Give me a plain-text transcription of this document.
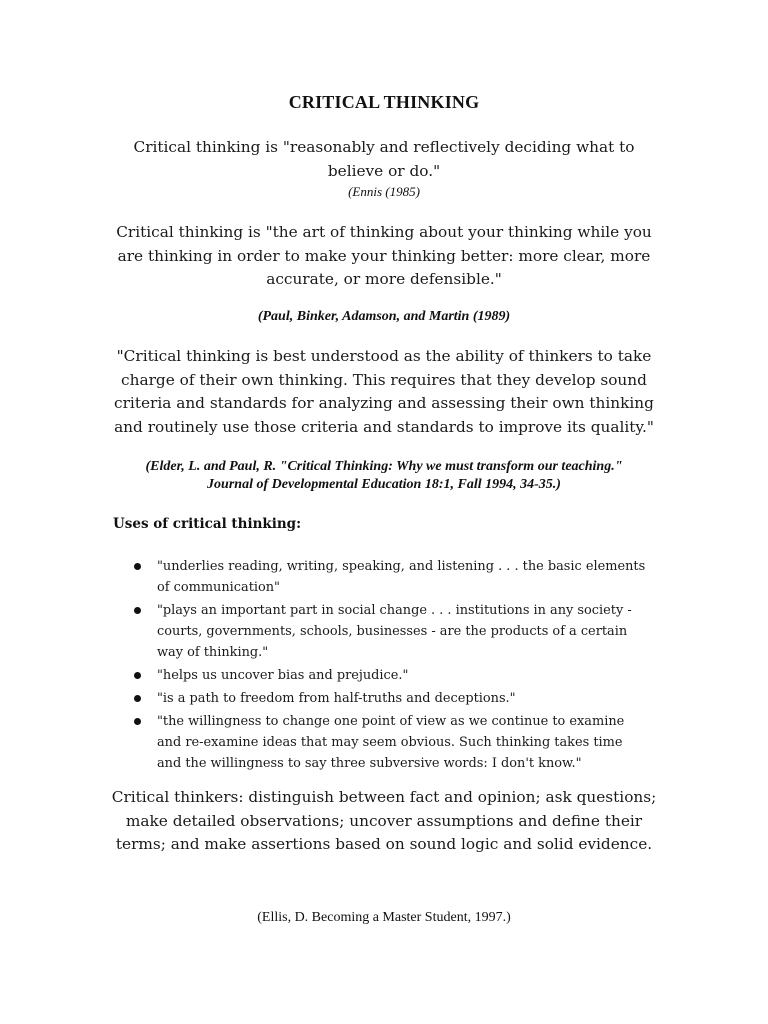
CRITICAL THINKING
Critical thinking is "reasonably and reflectively deciding what to
believe or do."
(Ennis (1985)
Critical thinking is "the art of thinking about your thinking while you
are thinking in order to make your thinking better: more clear, more
accurate, or more defensible."
(Paul, Binker, Adamson, and Martin (1989)
"Critical thinking is best understood as the ability of thinkers to take
charge of their own thinking. This requires that they develop sound
criteria and standards for analyzing and assessing their own thinking
and routinely use those criteria and standards to improve its quality."
(Elder, L. and Paul, R. "Critical Thinking: Why we must transform our teaching."
Journal of Developmental Education 18:1, Fall 1994, 34-35.)
Uses of critical thinking:
"underlies reading, writing, speaking, and listening . . . the basic elements
of communication"
"plays an important part in social change . . . institutions in any society -
courts, governments, schools, businesses - are the products of a certain
way of thinking."
"helps us uncover bias and prejudice."
"is a path to freedom from half-truths and deceptions."
"the willingness to change one point of view as we continue to examine
and re-examine ideas that may seem obvious. Such thinking takes time
and the willingness to say three subversive words: I don't know."
Critical thinkers: distinguish between fact and opinion; ask questions;
make detailed observations; uncover assumptions and define their
terms; and make assertions based on sound logic and solid evidence.
(Ellis, D. Becoming a Master Student, 1997.)
